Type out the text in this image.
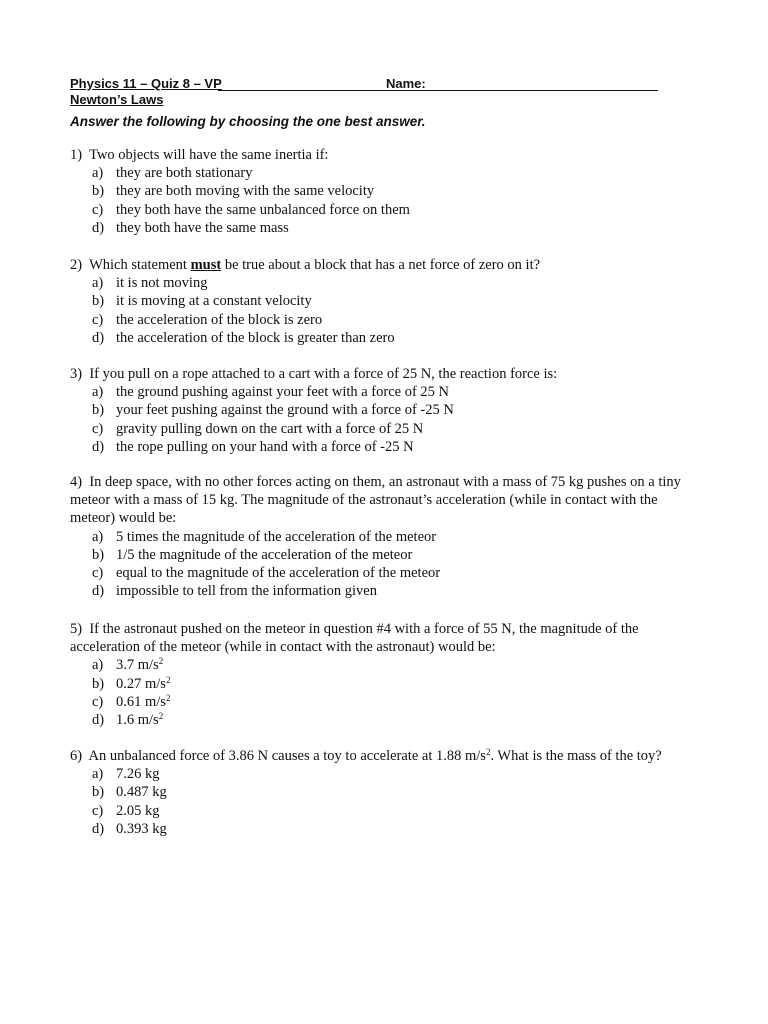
Physics 11 – Quiz 8 – VP	Name:
Newton’s Laws
Answer the following by choosing the one best answer.

1) Two objects will have the same inertia if:

a) they are both stationary
b) they are both moving with the same velocity
c) they both have the same unbalanced force on them
d) they both have the same mass

2) Which statement must be true about a block that has a net force of zero on it?

a) it is not moving
b) it is moving at a constant velocity
c) the acceleration of the block is zero
d) the acceleration of the block is greater than zero

3) If you pull on a rope attached to a cart with a force of 25 N, the reaction force is:

a) the ground pushing against your feet with a force of 25 N
b) your feet pushing against the ground with a force of -25 N
c) gravity pulling down on the cart with a force of 25 N
d) the rope pulling on your hand with a force of -25 N

4) In deep space, with no other forces acting on them, an astronaut with a mass of 75 kg pushes on a tiny meteor with a mass of 15 kg. The magnitude of the astronaut’s acceleration (while in contact with the meteor) would be:

a) 5 times the magnitude of the acceleration of the meteor
b) 1/5 the magnitude of the acceleration of the meteor
c) equal to the magnitude of the acceleration of the meteor
d) impossible to tell from the information given

5) If the astronaut pushed on the meteor in question #4 with a force of 55 N, the magnitude of the acceleration of the meteor (while in contact with the astronaut) would be:

a) 3.7 $m/s^2$
b) 0.27 $m/s^2$
c) 0.61 $m/s^2$
d) 1.6 $m/s^2$

6) An unbalanced force of 3.86 N causes a toy to accelerate at 1.88 $m/s^2$. What is the mass of the toy?

a) 7.26 kg
b) 0.487 kg
c) 2.05 kg
d) 0.393 kg
